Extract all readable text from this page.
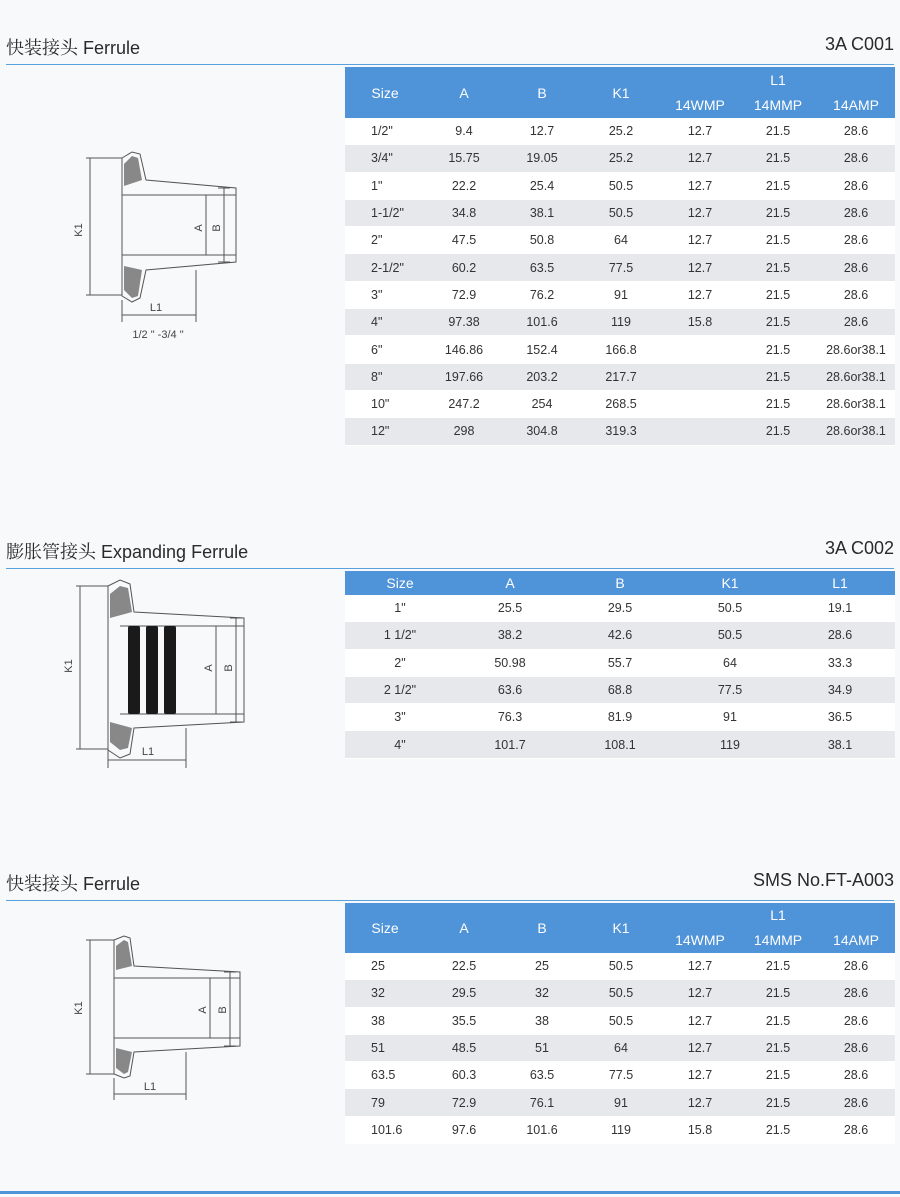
快装接头 Ferrule	3A C001
K1	A B
L1
1/2 " -3/4 "
Size	A	B	K1	L1		
				14WMP	14MMP	14AMP
1/2"	9.4	12.7	25.2	12.7	21.5	28.6
3/4"	15.75	19.05	25.2	12.7	21.5	28.6
1"	22.2	25.4	50.5	12.7	21.5	28.6
1-1/2"	34.8	38.1	50.5	12.7	21.5	28.6
2"	47.5	50.8	64	12.7	21.5	28.6
2-1/2"	60.2	63.5	77.5	12.7	21.5	28.6
3"	72.9	76.2	91	12.7	21.5	28.6
4"	97.38	101.6	119	15.8	21.5	28.6
6"	146.86	152.4	166.8		21.5	28.6or38.1
8"	197.66	203.2	217.7		21.5	28.6or38.1
10"	247.2	254	268.5		21.5	28.6or38.1
12"	298	304.8	319.3		21.5	28.6or38.1
膨胀管接头 Expanding Ferrule	3A C002
K1	A B
L1
Size	A	B	K1	L1
1"	25.5	29.5	50.5	19.1
1 1/2"	38.2	42.6	50.5	28.6
2"	50.98	55.7	64	33.3
2 1/2"	63.6	68.8	77.5	34.9
3"	76.3	81.9	91	36.5
4"	101.7	108.1	119	38.1
快装接头 Ferrule	SMS No.FT-A003
K1	A B
L1
Size	A	B	K1	L1		
				14WMP	14MMP	14AMP
25	22.5	25	50.5	12.7	21.5	28.6
32	29.5	32	50.5	12.7	21.5	28.6
38	35.5	38	50.5	12.7	21.5	28.6
51	48.5	51	64	12.7	21.5	28.6
63.5	60.3	63.5	77.5	12.7	21.5	28.6
79	72.9	76.1	91	12.7	21.5	28.6
101.6	97.6	101.6	119	15.8	21.5	28.6
